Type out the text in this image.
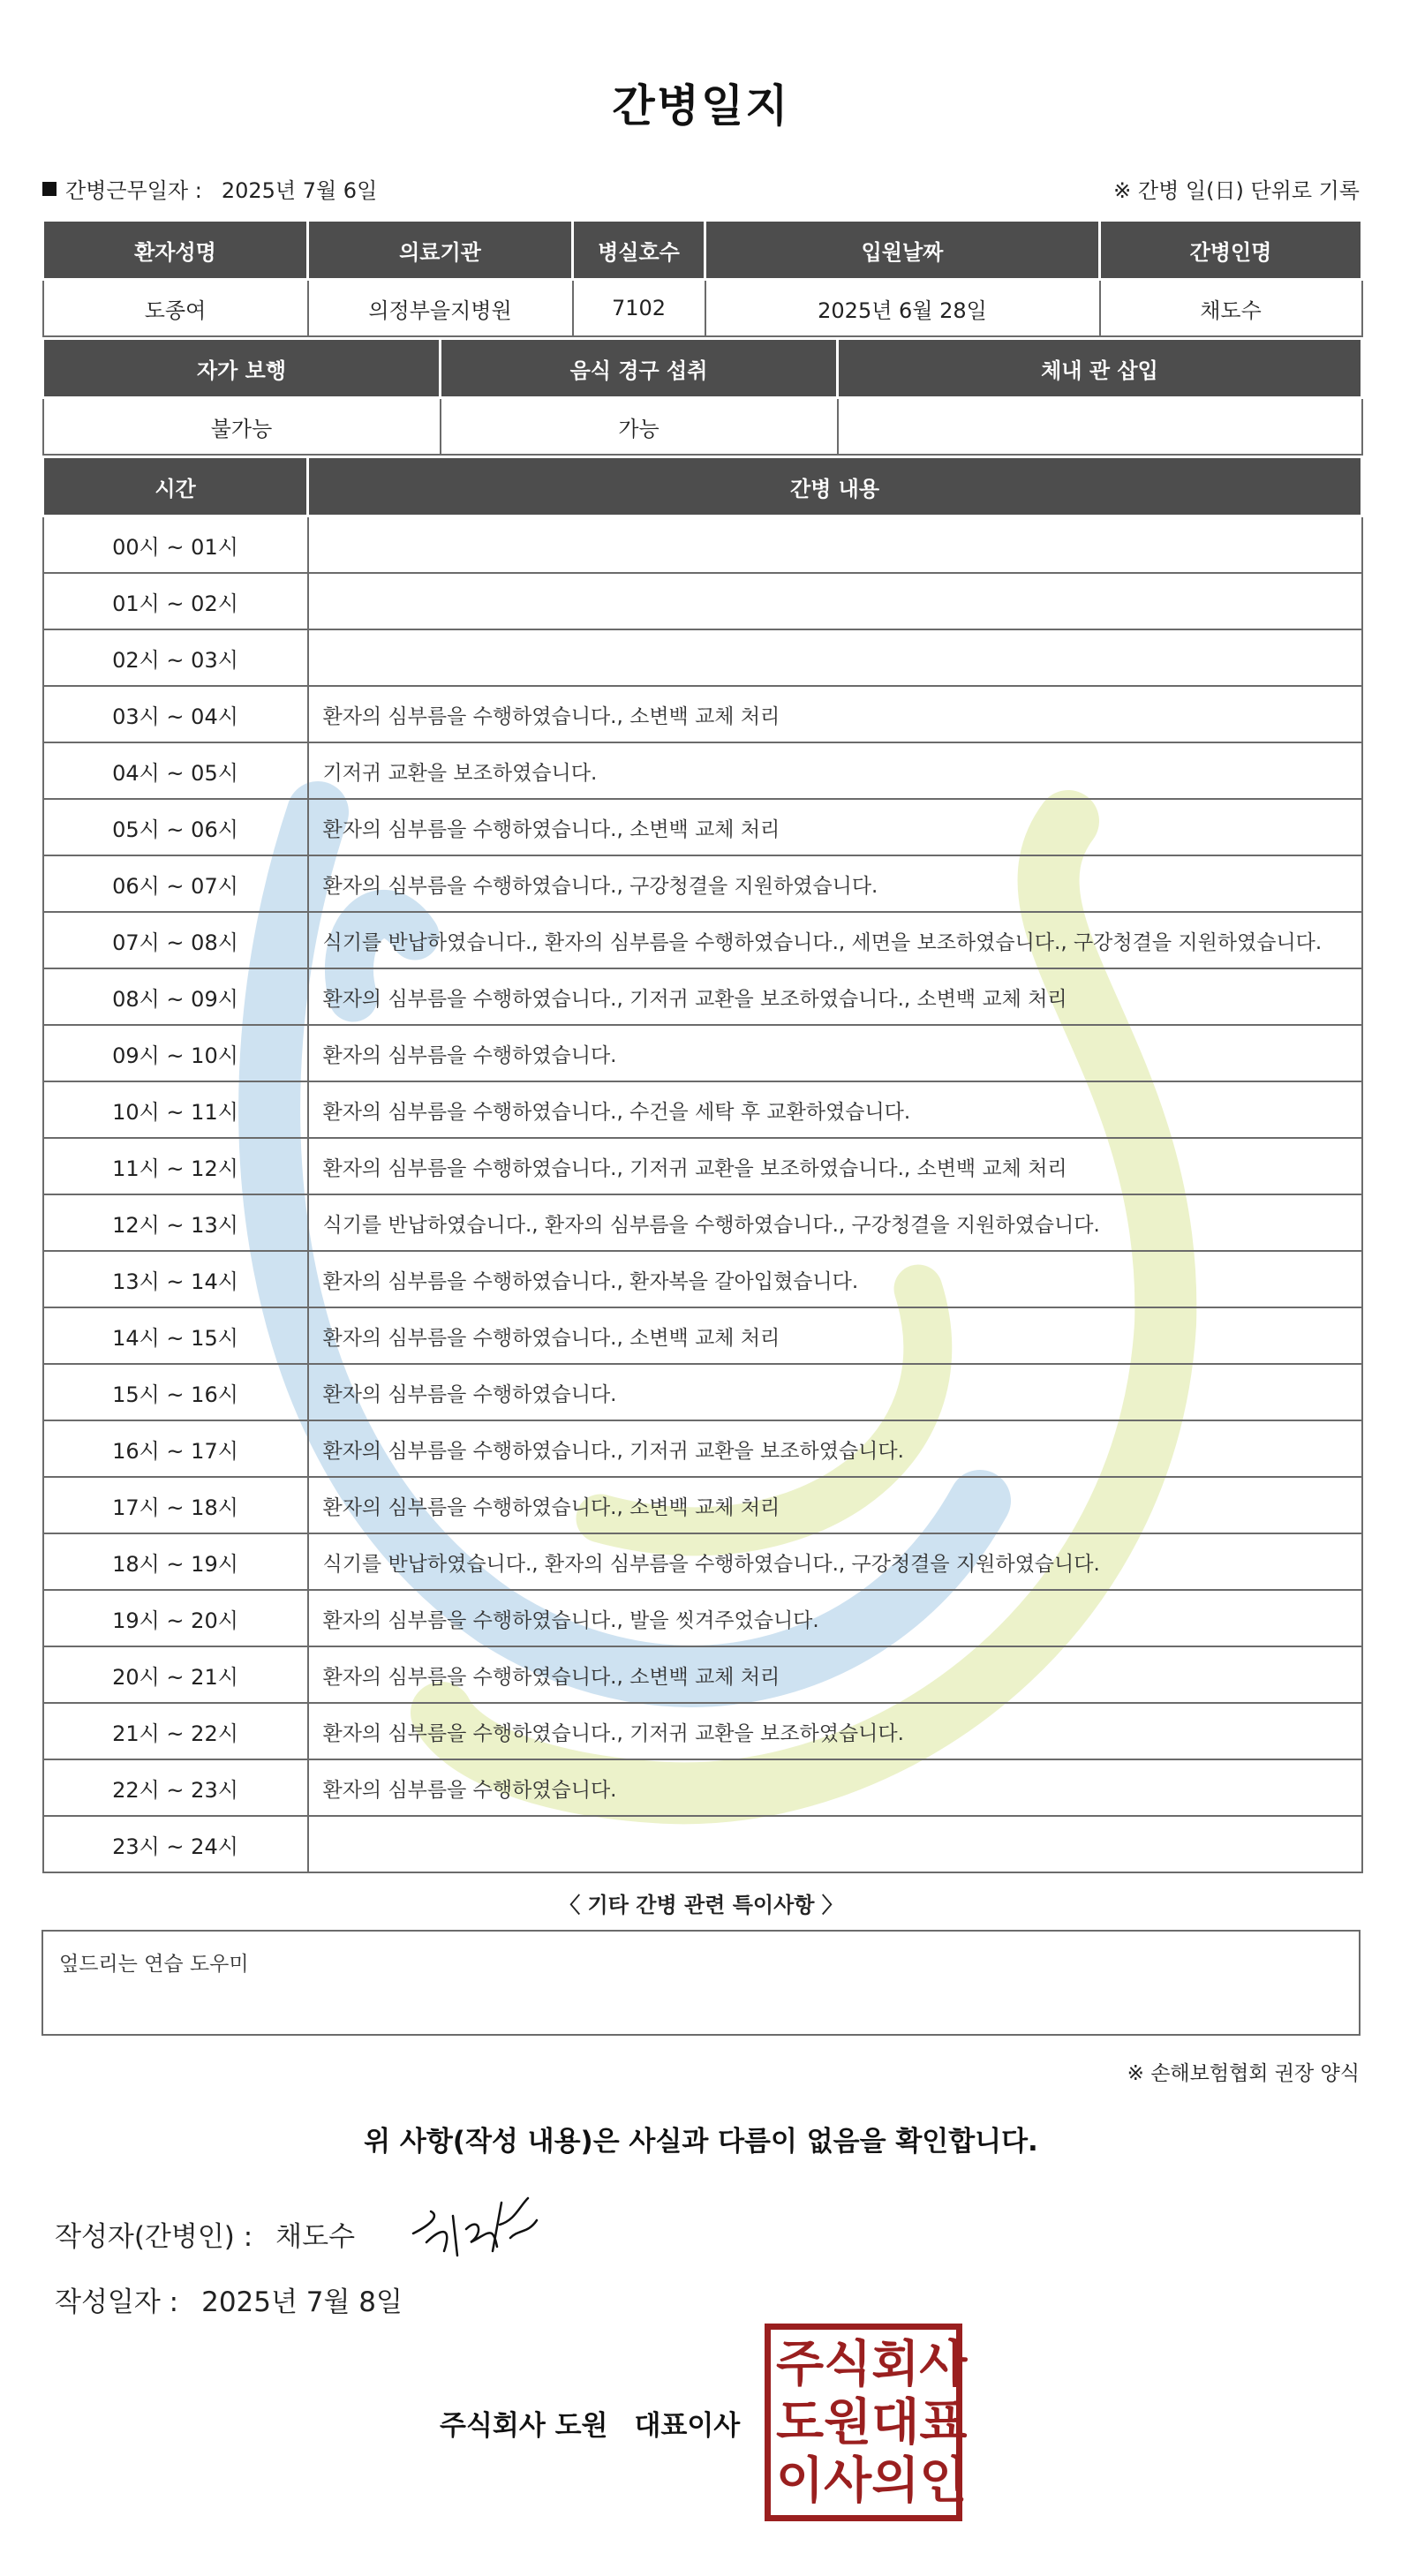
간병일지
간병근무일자 : 2025년 7월 6일	※ 간병 일(日) 단위로 기록
환자성명	의료기관	병실호수	입원날짜	간병인명
도종여	의정부을지병원	7102	2025년 6월 28일	채도수
자가 보행	음식 경구 섭취	체내 관 삽입
불가능	가능	
시간	간병 내용
00시 ~ 01시	
01시 ~ 02시	
02시 ~ 03시	
03시 ~ 04시	환자의 심부름을 수행하였습니다., 소변백 교체 처리
04시 ~ 05시	기저귀 교환을 보조하였습니다.
05시 ~ 06시	환자의 심부름을 수행하였습니다., 소변백 교체 처리
06시 ~ 07시	환자의 심부름을 수행하였습니다., 구강청결을 지원하였습니다.
07시 ~ 08시	식기를 반납하였습니다., 환자의 심부름을 수행하였습니다., 세면을 보조하였습니다., 구강청결을 지원하였습니다.
08시 ~ 09시	환자의 심부름을 수행하였습니다., 기저귀 교환을 보조하였습니다., 소변백 교체 처리
09시 ~ 10시	환자의 심부름을 수행하였습니다.
10시 ~ 11시	환자의 심부름을 수행하였습니다., 수건을 세탁 후 교환하였습니다.
11시 ~ 12시	환자의 심부름을 수행하였습니다., 기저귀 교환을 보조하였습니다., 소변백 교체 처리
12시 ~ 13시	식기를 반납하였습니다., 환자의 심부름을 수행하였습니다., 구강청결을 지원하였습니다.
13시 ~ 14시	환자의 심부름을 수행하였습니다., 환자복을 갈아입혔습니다.
14시 ~ 15시	환자의 심부름을 수행하였습니다., 소변백 교체 처리
15시 ~ 16시	환자의 심부름을 수행하였습니다.
16시 ~ 17시	환자의 심부름을 수행하였습니다., 기저귀 교환을 보조하였습니다.
17시 ~ 18시	환자의 심부름을 수행하였습니다., 소변백 교체 처리
18시 ~ 19시	식기를 반납하였습니다., 환자의 심부름을 수행하였습니다., 구강청결을 지원하였습니다.
19시 ~ 20시	환자의 심부름을 수행하였습니다., 발을 씻겨주었습니다.
20시 ~ 21시	환자의 심부름을 수행하였습니다., 소변백 교체 처리
21시 ~ 22시	환자의 심부름을 수행하였습니다., 기저귀 교환을 보조하였습니다.
22시 ~ 23시	환자의 심부름을 수행하였습니다.
23시 ~ 24시	
〈 기타 간병 관련 특이사항 〉
엎드리는 연습 도우미
※ 손해보험협회 권장 양식
위 사항(작성 내용)은 사실과 다름이 없음을 확인합니다.
작성자(간병인) : 채도수
작성일자 : 2025년 7월 8일
주식회사 도원 대표이사
주 식 회 사
도 원 대 표
이 사 의 인
